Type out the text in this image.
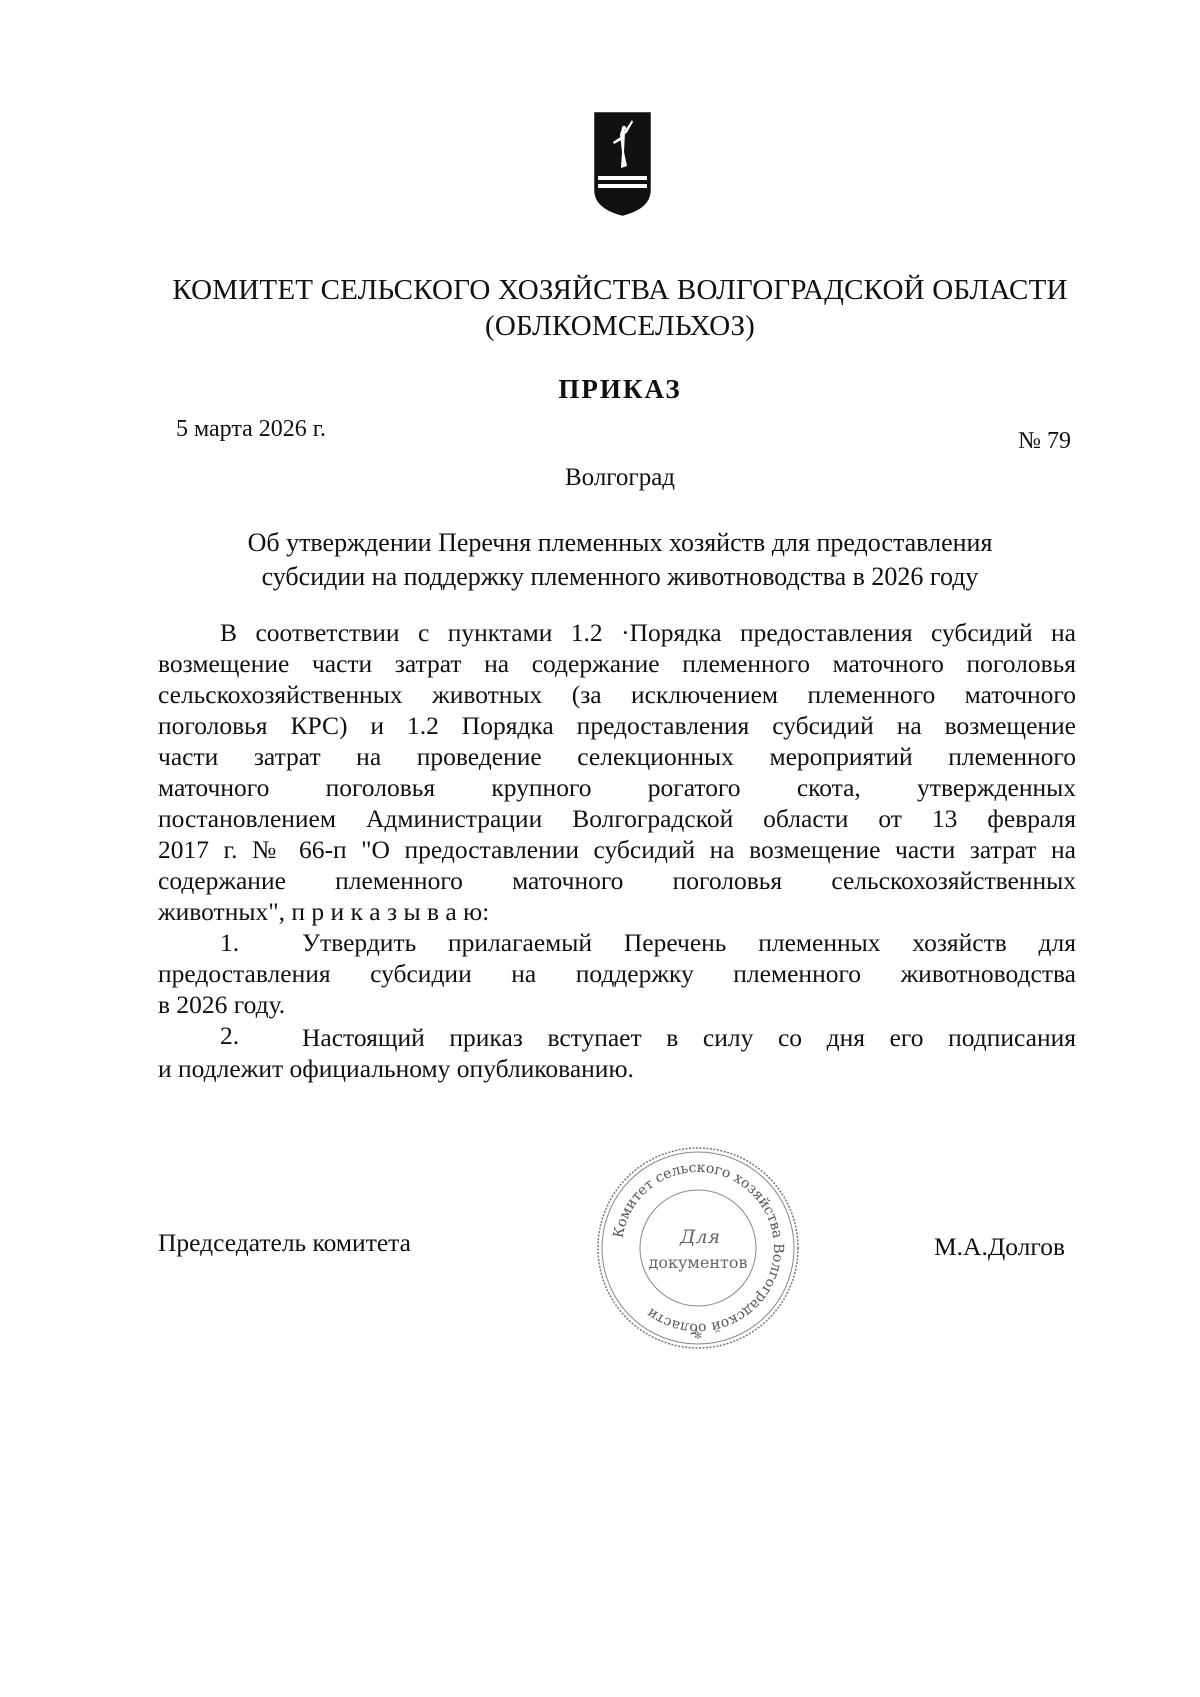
КОМИТЕТ СЕЛЬСКОГО ХОЗЯЙСТВА ВОЛГОГРАДСКОЙ ОБЛАСТИ
(ОБЛКОМСЕЛЬХОЗ)
ПРИКАЗ
5 марта 2026 г.	№ 79
Волгоград
Об утверждении Перечня племенных хозяйств для предоставления
субсидии на поддержку племенного животноводства в 2026 году
В соответствии с пунктами 1.2 ·Порядка предоставления субсидий на
возмещение части затрат на содержание племенного маточного поголовья
сельскохозяйственных животных (за исключением племенного маточного
поголовья КРС) и 1.2 Порядка предоставления субсидий на возмещение
части затрат на проведение селекционных мероприятий племенного
маточного поголовья крупного рогатого скота, утвержденных
постановлением Администрации Волгоградской области от 13 февраля
2017 г. № 66-п "О предоставлении субсидий на возмещение части затрат на
содержание племенного маточного поголовья сельскохозяйственных
животных", п р и к а з ы в а ю:
1. Утвердить прилагаемый Перечень племенных хозяйств для
предоставления субсидии на поддержку племенного животноводства
в 2026 году.
2. Настоящий приказ вступает в силу со дня его подписания
и подлежит официальному опубликованию.
Председатель комитета	М.А.Долгов
Комитет сельского хозяйства Волгоградской области
Для
документов
✻
